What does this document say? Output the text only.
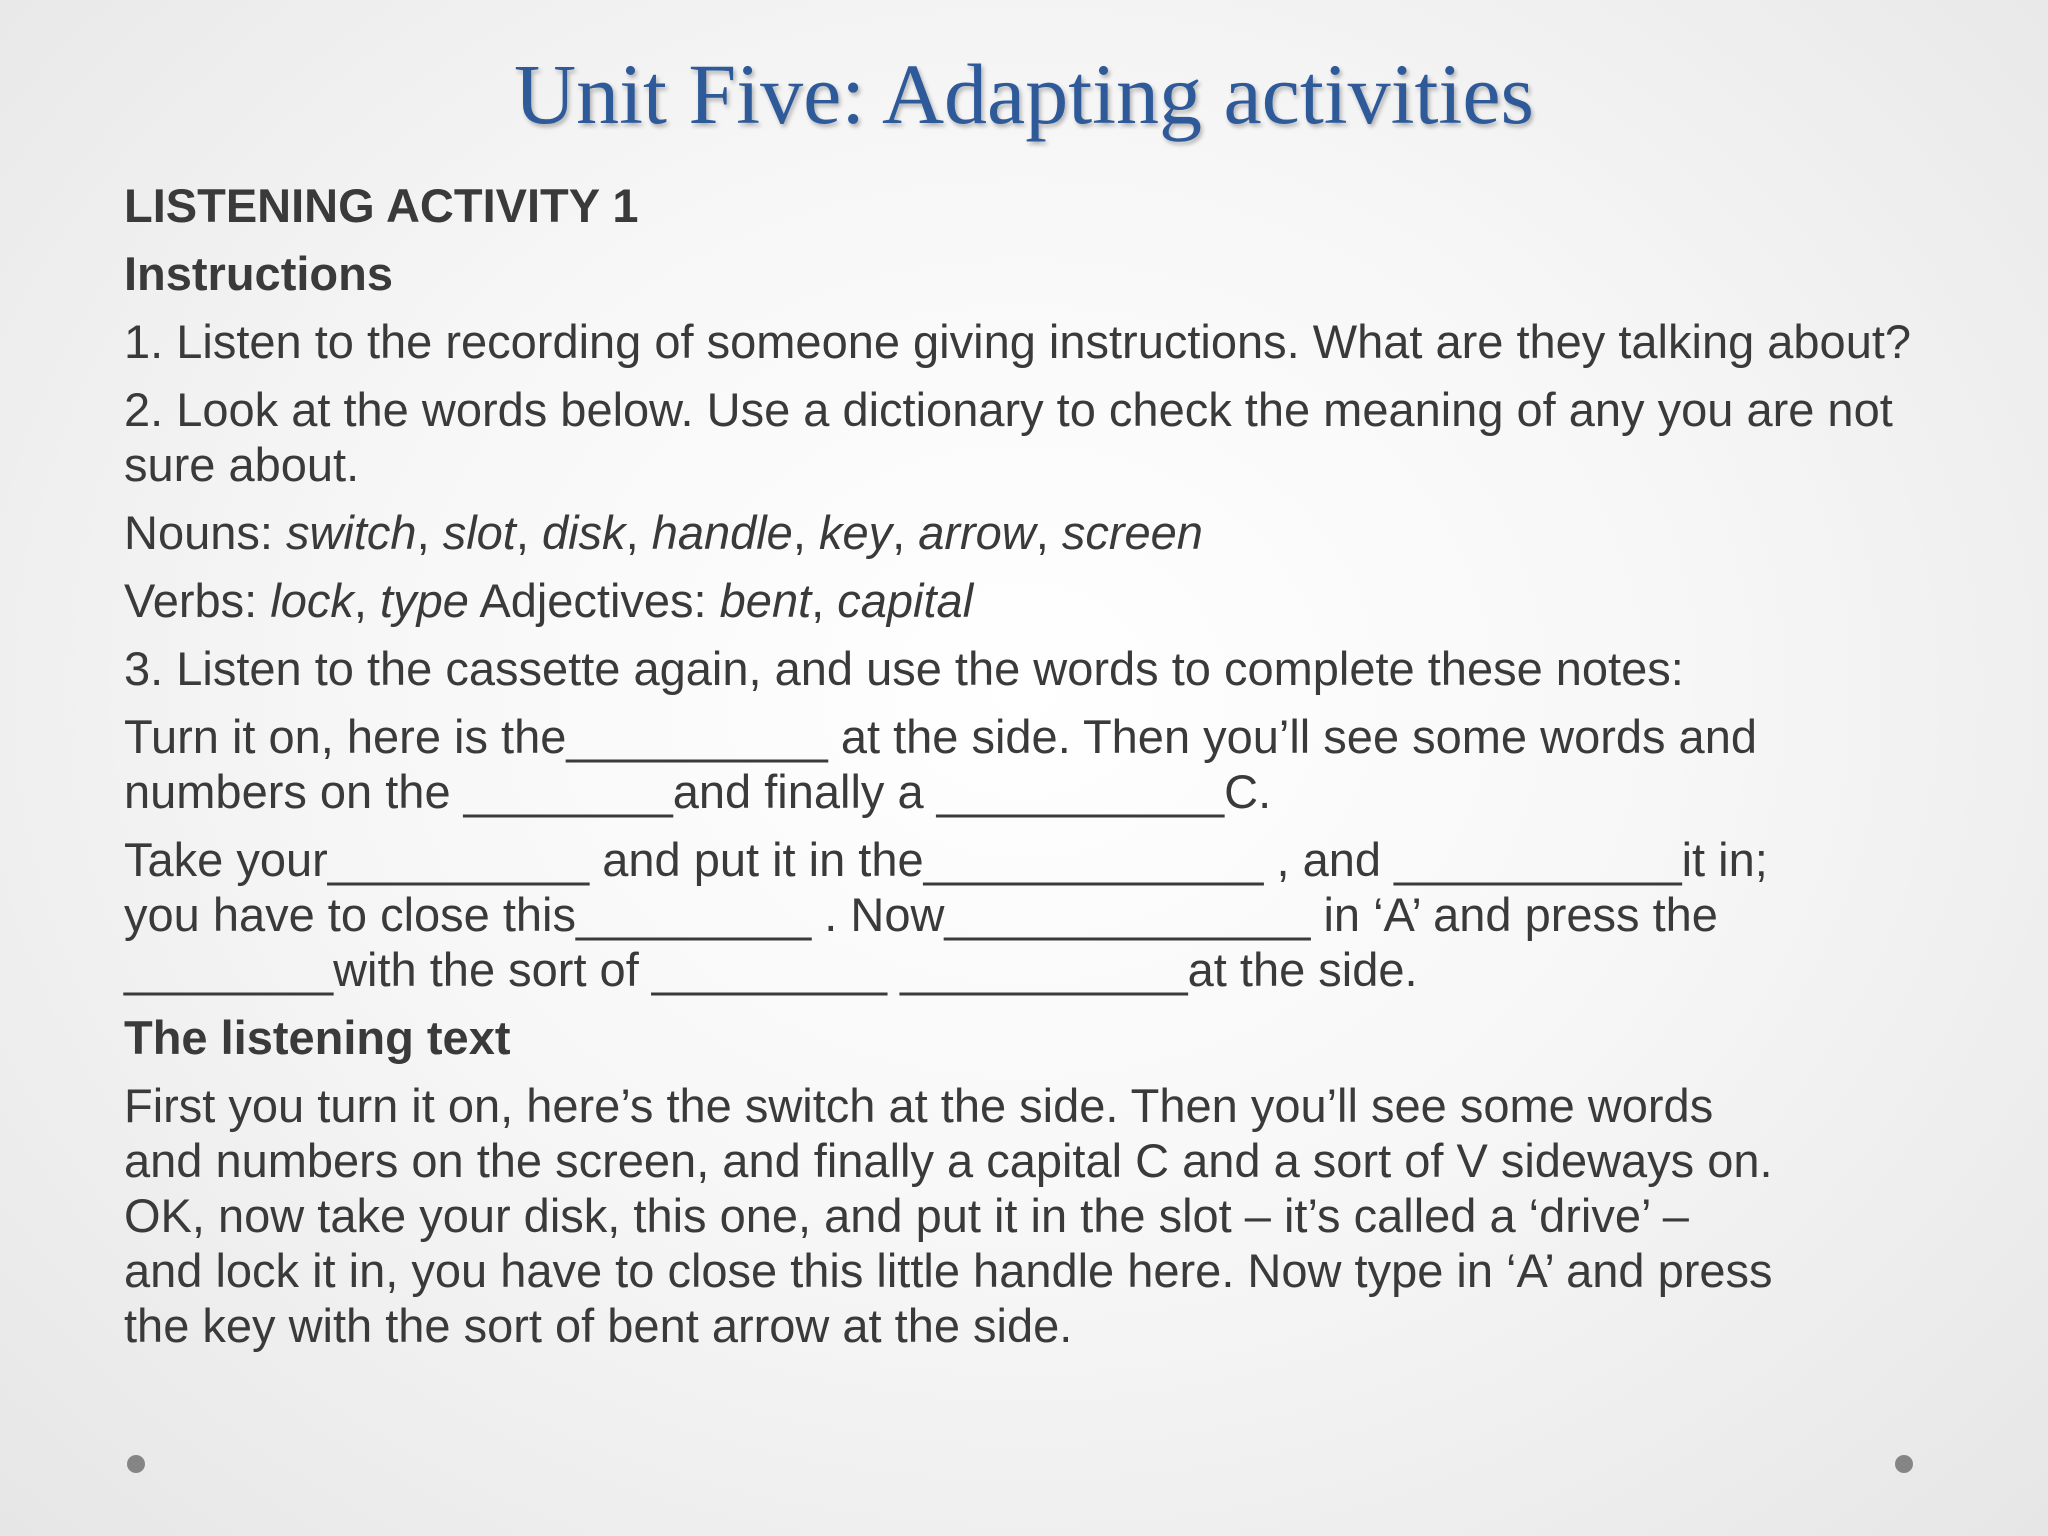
Unit Five: Adapting activities
LISTENING ACTIVITY 1
Instructions
1. Listen to the recording of someone giving instructions. What are they talking about?
2. Look at the words below. Use a dictionary to check the meaning of any you are not sure about.
Nouns: switch, slot, disk, handle, key, arrow, screen
Verbs: lock, type Adjectives: bent, capital
3. Listen to the cassette again, and use the words to complete these notes:
Turn it on, here is the__________ at the side. Then you’ll see some words and
numbers on the ________and finally a ___________C.
Take your__________ and put it in the_____________ , and ___________it in;
you have to close this_________ . Now______________ in ‘A’ and press the
________with the sort of _________ ___________at the side.
The listening text
First you turn it on, here’s the switch at the side. Then you’ll see some words
and numbers on the screen, and finally a capital C and a sort of V sideways on.
OK, now take your disk, this one, and put it in the slot – it’s called a ‘drive’ –
and lock it in, you have to close this little handle here. Now type in ‘A’ and press
the key with the sort of bent arrow at the side.
